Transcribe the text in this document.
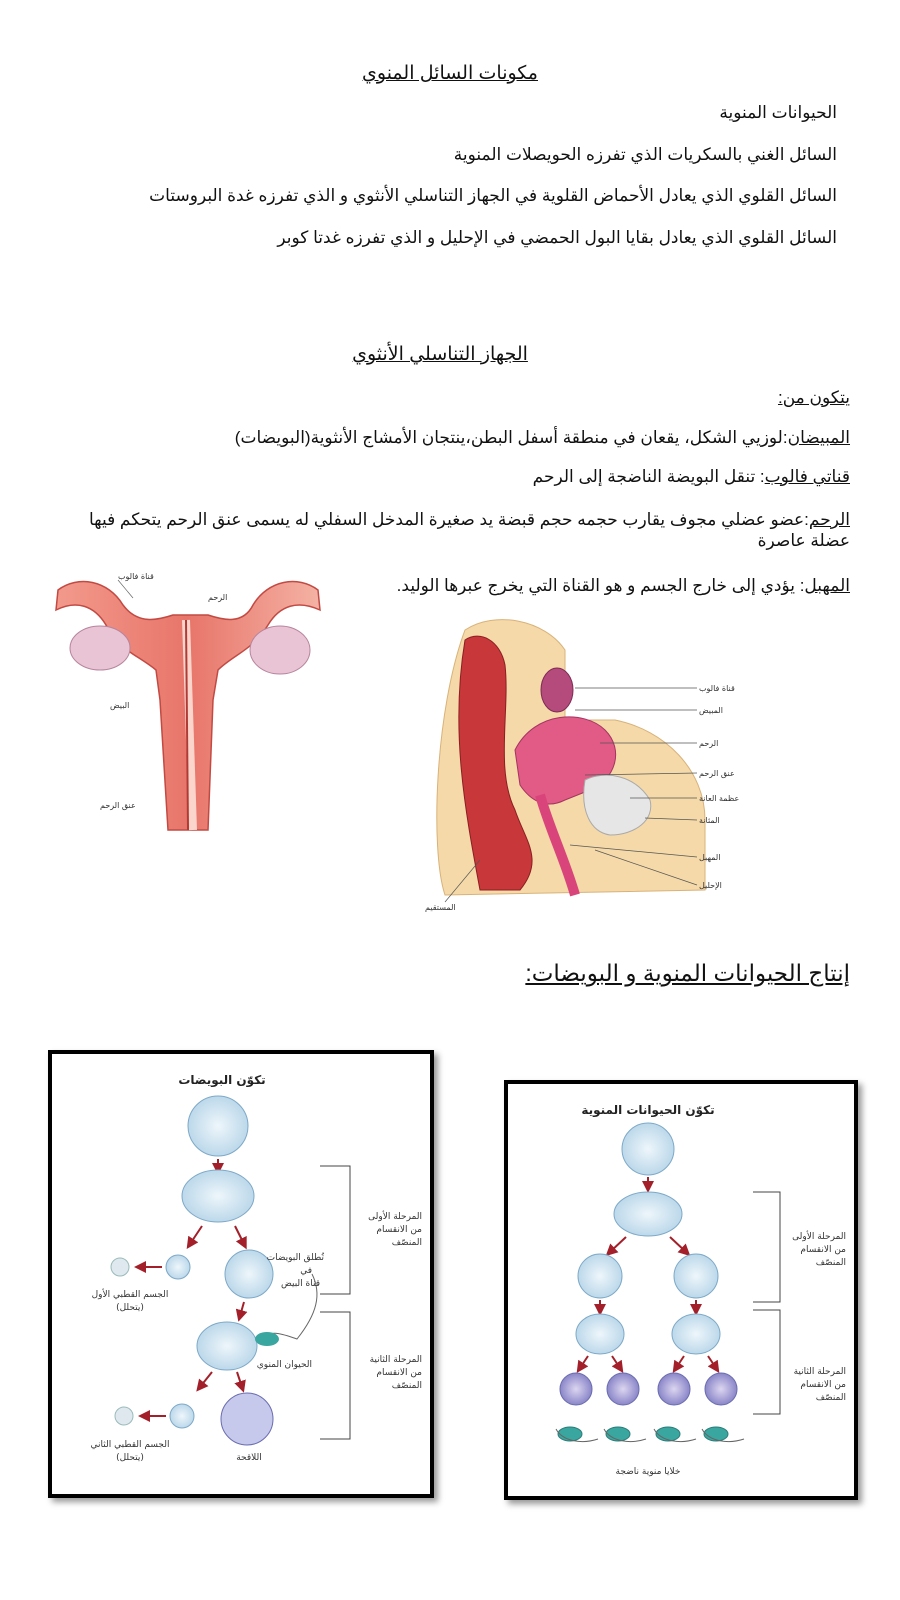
مكونات السائل المنوي
الحيوانات المنوية
السائل الغني بالسكريات الذي تفرزه الحويصلات المنوية
السائل القلوي الذي يعادل الأحماض القلوية في الجهاز التناسلي الأنثوي و الذي تفرزه غدة البروستات
السائل القلوي الذي يعادل بقايا البول الحمضي في الإحليل و الذي تفرزه غدتا كوبر
الجهاز التناسلي الأنثوي
يتكون من:
المبيضان:لوزيي الشكل، يقعان في منطقة أسفل البطن،ينتجان الأمشاج الأنثوية(البويضات)
قناتي فالوب: تنقل البويضة الناضجة إلى الرحم
الرحم:عضو عضلي مجوف يقارب حجمه حجم قبضة يد صغيرة المدخل السفلي له يسمى عنق الرحم يتحكم فيها عضلة عاصرة
المهبل: يؤدي إلى خارج الجسم و هو القناة التي يخرج عبرها الوليد.
قناة فالوب
الرحم
البيض
عنق الرحم
قناة فالوب
المبيض
الرحم
عنق الرحم
عظمة العانة
المثانة
المهبل
الإحليل
المستقيم
إنتاج الحيوانات المنوية و البويضات:
تكوّن البويضات
المرحلة الأولى
من الانقسام
المنصّف
المرحلة الثانية
من الانقسام
المنصّف
تُطلق البويضات
في
قناة البيض
الحيوان المنوي
الجسم القطبي الأول
(يتحلل)
الجسم القطبي الثاني
(يتحلل)	اللاقحة
تكوّن الحيوانات المنوية
المرحلة الأولى
من الانقسام
المنصّف
المرحلة الثانية
من الانقسام
المنصّف
خلايا منوية ناضجة
